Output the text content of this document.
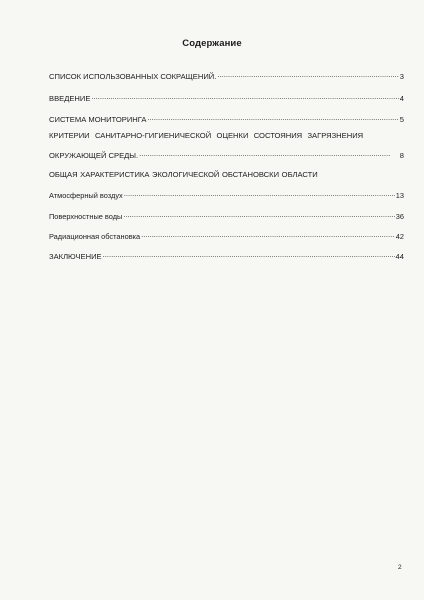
Содержание
СПИСОК ИСПОЛЬЗОВАННЫХ СОКРАЩЕНИЙ. .....	3
ВВЕДЕНИЕ .....	4
СИСТЕМА МОНИТОРИНГА .....	5
КРИТЕРИИ САНИТАРНО-ГИГИЕНИЧЕСКОЙ ОЦЕНКИ СОСТОЯНИЯ ЗАГРЯЗНЕНИЯ
ОКРУЖАЮЩЕЙ СРЕДЫ. .....	8
ОБЩАЯ ХАРАКТЕРИСТИКА ЭКОЛОГИЧЕСКОЙ ОБСТАНОВСКИ ОБЛАСТИ
Атмосферный воздух .....	13
Поверхностные воды .....	36
Радиационная обстановка .....	42
ЗАКЛЮЧЕНИЕ .....	44
2
